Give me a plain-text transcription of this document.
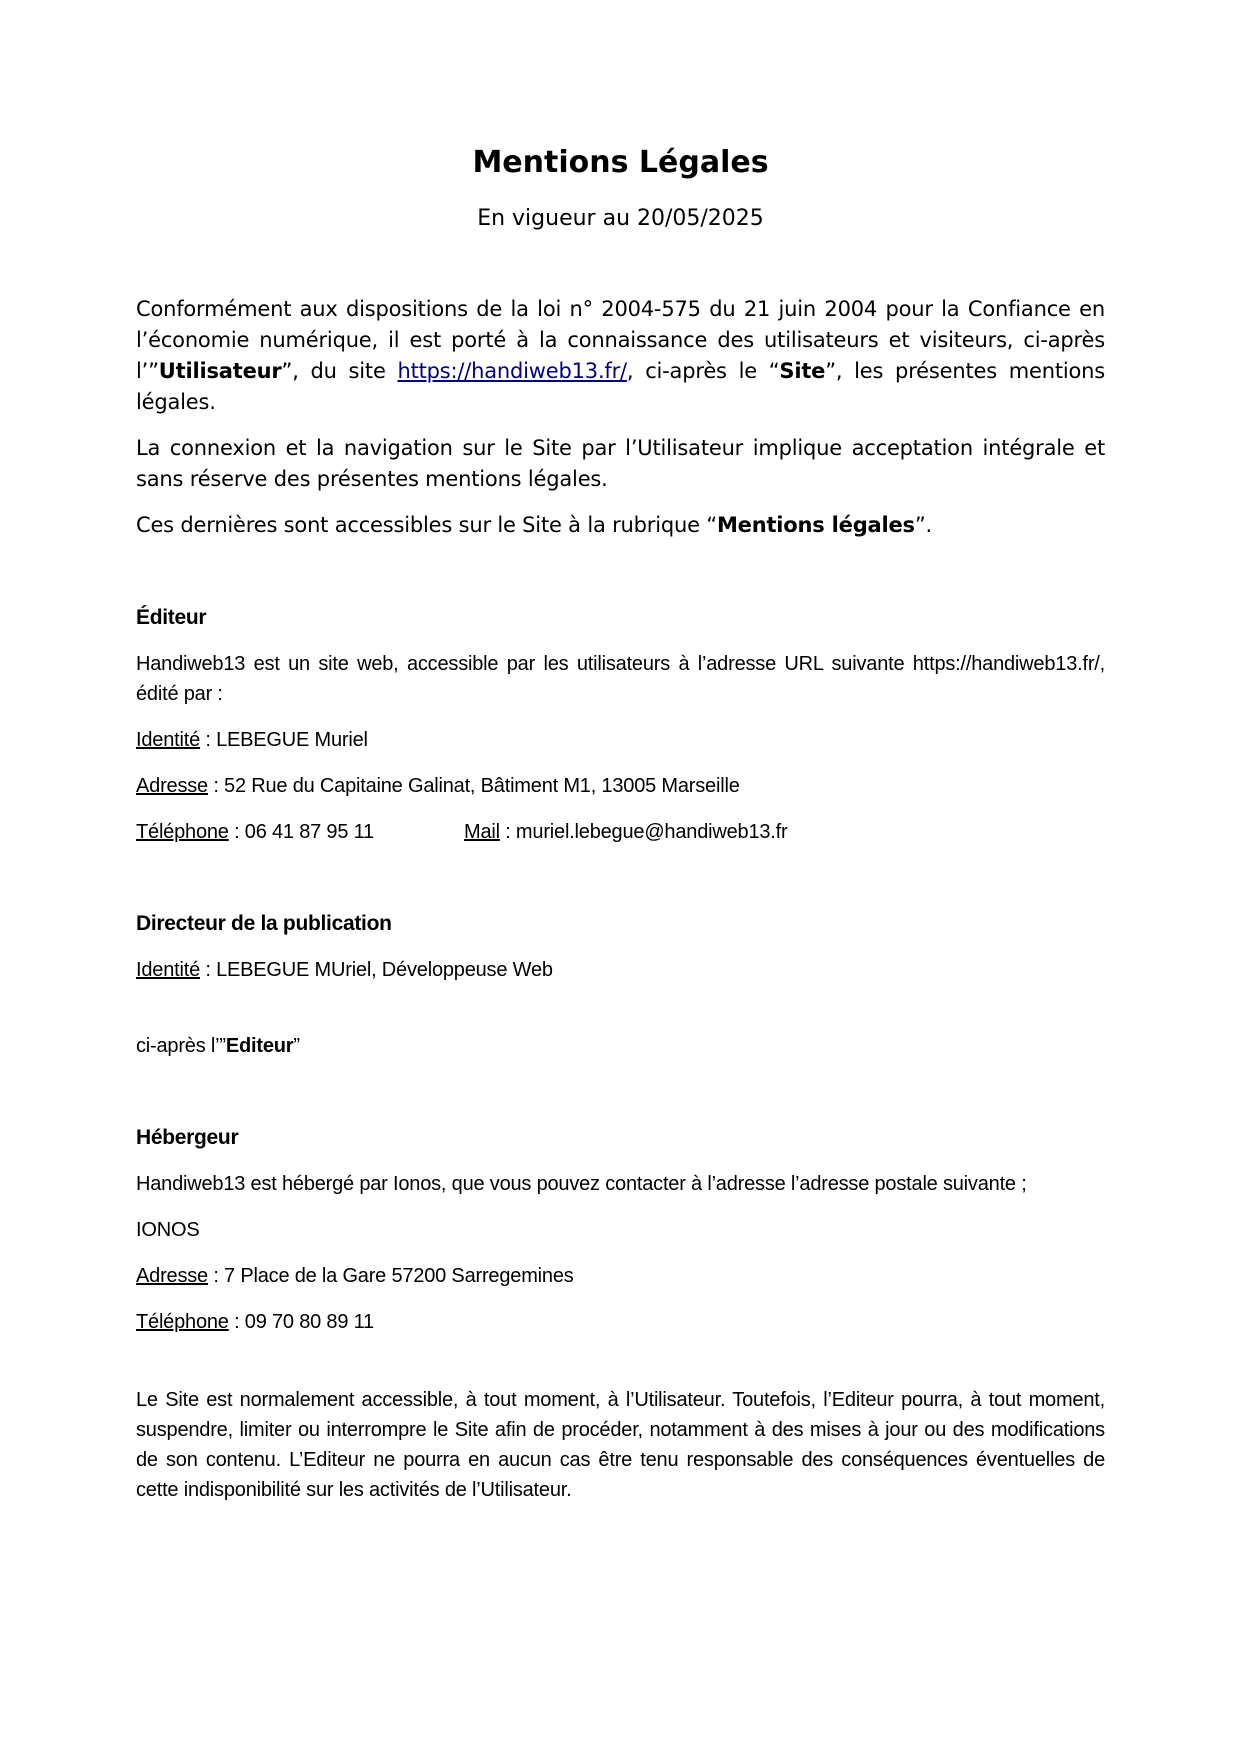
Mentions Légales
En vigueur au 20/05/2025

Conformément aux dispositions de la loi n° 2004-575 du 21 juin 2004 pour la Confiance en l’économie numérique, il est porté à la connaissance des utilisateurs et visiteurs, ci-après l’”Utilisateur”, du site https://handiweb13.fr/, ci-après le “Site”, les présentes mentions légales.

La connexion et la navigation sur le Site par l’Utilisateur implique acceptation intégrale et sans réserve des présentes mentions légales.

Ces dernières sont accessibles sur le Site à la rubrique “Mentions légales”.

Éditeur

Handiweb13 est un site web, accessible par les utilisateurs à l’adresse URL suivante https://handiweb13.fr/, édité par :

Identité : LEBEGUE Muriel

Adresse : 52 Rue du Capitaine Galinat, Bâtiment M1, 13005 Marseille

Téléphone : 06 41 87 95 11	Mail : muriel.lebegue@handiweb13.fr

Directeur de la publication

Identité : LEBEGUE MUriel, Développeuse Web

ci-après l’”Editeur”

Hébergeur

Handiweb13 est hébergé par Ionos, que vous pouvez contacter à l’adresse l’adresse postale suivante ;

IONOS

Adresse : 7 Place de la Gare 57200 Sarregemines

Téléphone : 09 70 80 89 11

Le Site est normalement accessible, à tout moment, à l’Utilisateur. Toutefois, l’Editeur pourra, à tout moment, suspendre, limiter ou interrompre le Site afin de procéder, notamment à des mises à jour ou des modifications de son contenu. L’Editeur ne pourra en aucun cas être tenu responsable des conséquences éventuelles de cette indisponibilité sur les activités de l’Utilisateur.
